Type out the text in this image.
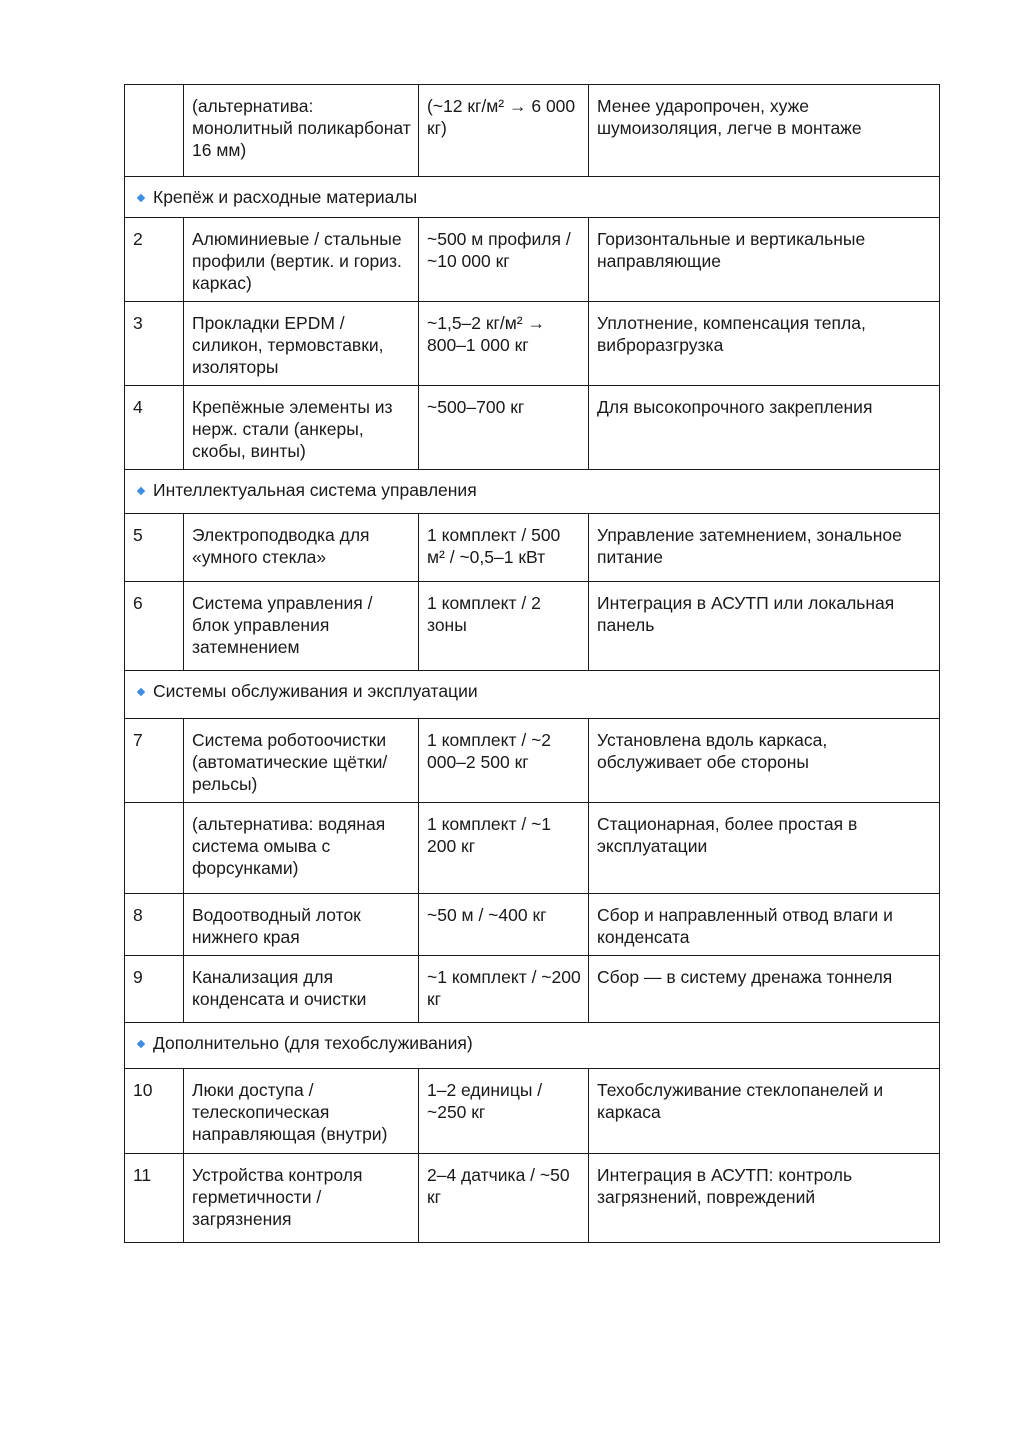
	(альтернатива: монолитный поликарбонат 16 мм)	(~12 кг/м² → 6 000 кг)	Менее ударопрочен, хуже шумоизоляция, легче в монтаже
Крепёж и расходные материалы			
2	Алюминиевые / стальные профили (вертик. и гориз. каркас)	~500 м профиля / ~10 000 кг	Горизонтальные и вертикальные направляющие
3	Прокладки EPDM / силикон, термовставки, изоляторы	~1,5–2 кг/м² → 800–1 000 кг	Уплотнение, компенсация тепла, виброразгрузка
4	Крепёжные элементы из нерж. стали (анкеры, скобы, винты)	~500–700 кг	Для высокопрочного закрепления
Интеллектуальная система управления			
5	Электроподводка для «умного стекла»	1 комплект / 500 м² / ~0,5–1 кВт	Управление затемнением, зональное питание
6	Система управления / блок управления затемнением	1 комплект / 2 зоны	Интеграция в АСУТП или локальная панель
Системы обслуживания и эксплуатации			
7	Система роботоочистки (автоматические щётки/рельсы)	1 комплект / ~2 000–2 500 кг	Установлена вдоль каркаса, обслуживает обе стороны
	(альтернатива: водяная система омыва с форсунками)	1 комплект / ~1 200 кг	Стационарная, более простая в эксплуатации
8	Водоотводный лоток нижнего края	~50 м / ~400 кг	Сбор и направленный отвод влаги и конденсата
9	Канализация для конденсата и очистки	~1 комплект / ~200 кг	Сбор — в систему дренажа тоннеля
Дополнительно (для техобслуживания)			
10	Люки доступа / телескопическая направляющая (внутри)	1–2 единицы / ~250 кг	Техобслуживание стеклопанелей и каркаса
11	Устройства контроля герметичности / загрязнения	2–4 датчика / ~50 кг	Интеграция в АСУТП: контроль загрязнений, повреждений
